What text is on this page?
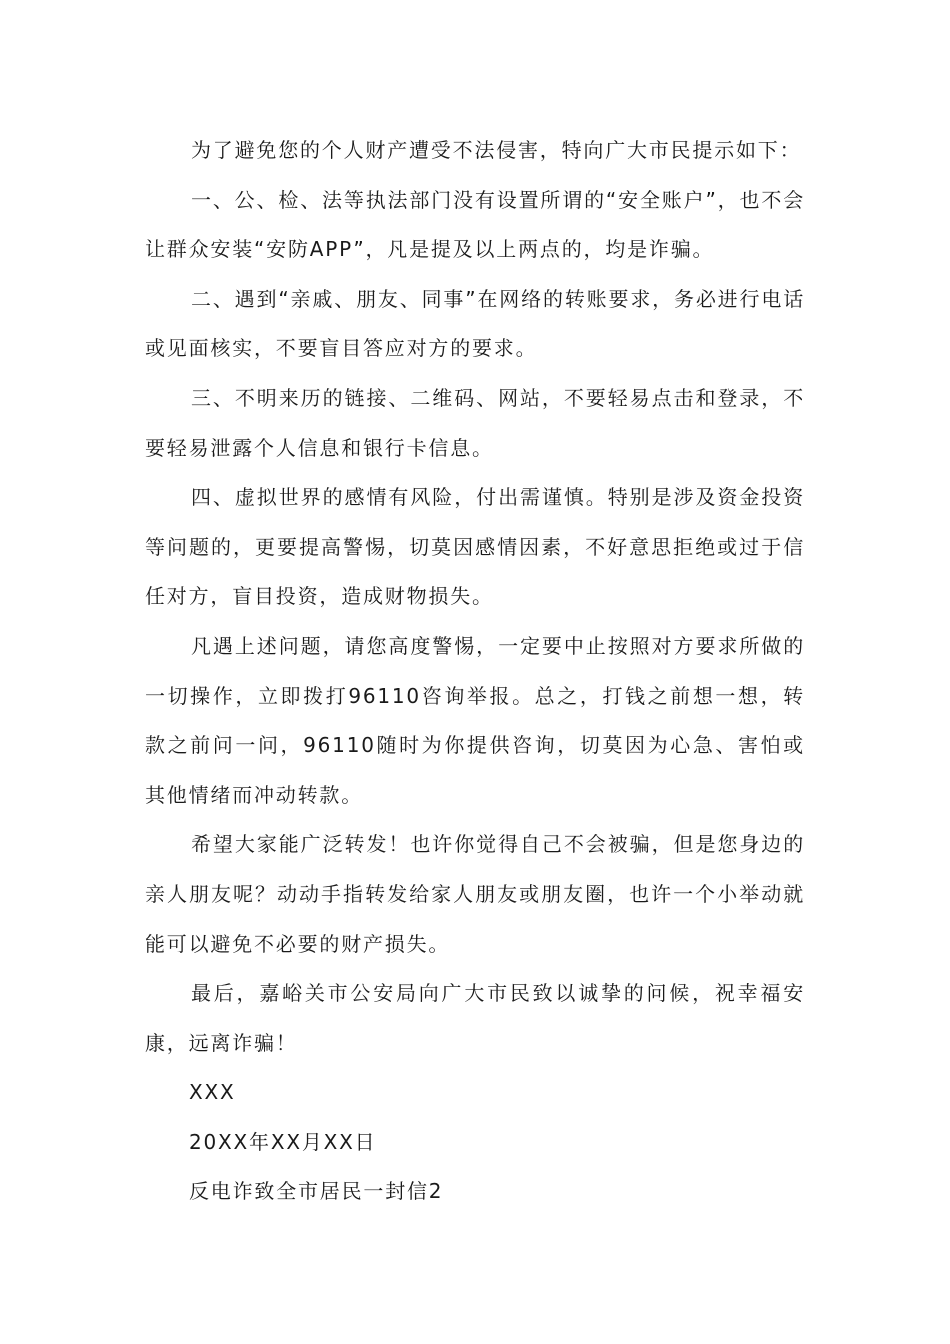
为了避免您的个人财产遭受不法侵害，特向广大市民提示如下：

一、公、检、法等执法部门没有设置所谓的“安全账户”，也不会让群众安装“安防APP”，凡是提及以上两点的，均是诈骗。

二、遇到“亲戚、朋友、同事”在网络的转账要求，务必进行电话或见面核实，不要盲目答应对方的要求。

三、不明来历的链接、二维码、网站，不要轻易点击和登录，不要轻易泄露个人信息和银行卡信息。

四、虚拟世界的感情有风险，付出需谨慎。特别是涉及资金投资等问题的，更要提高警惕，切莫因感情因素，不好意思拒绝或过于信任对方，盲目投资，造成财物损失。

凡遇上述问题，请您高度警惕，一定要中止按照对方要求所做的一切操作，立即拨打96110咨询举报。总之，打钱之前想一想，转款之前问一问，96110随时为你提供咨询，切莫因为心急、害怕或其他情绪而冲动转款。

希望大家能广泛转发！也许你觉得自己不会被骗，但是您身边的亲人朋友呢？动动手指转发给家人朋友或朋友圈，也许一个小举动就能可以避免不必要的财产损失。

最后，嘉峪关市公安局向广大市民致以诚挚的问候，祝幸福安康，远离诈骗！

XXX

20XX年XX月XX日

反电诈致全市居民一封信2
